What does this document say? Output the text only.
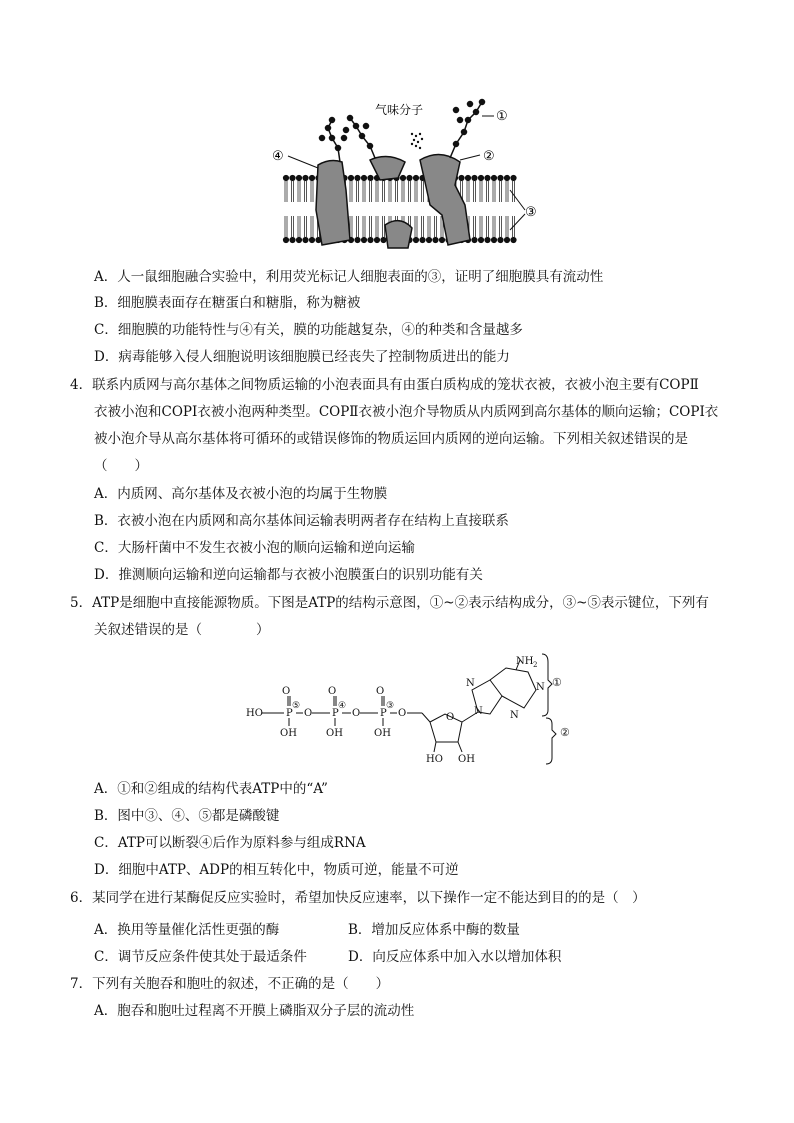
气味分子	①
②
③
④
A．人一鼠细胞融合实验中，利用荧光标记人细胞表面的③，证明了细胞膜具有流动性
B．细胞膜表面存在糖蛋白和糖脂，称为糖被
C．细胞膜的功能特性与④有关，膜的功能越复杂，④的种类和含量越多
D．病毒能够入侵人细胞说明该细胞膜已经丧失了控制物质进出的能力
4．联系内质网与高尔基体之间物质运输的小泡表面具有由蛋白质构成的笼状衣被，衣被小泡主要有COPⅡ
衣被小泡和COPI衣被小泡两种类型。COPⅡ衣被小泡介导物质从内质网到高尔基体的顺向运输；COPI衣
被小泡介导从高尔基体将可循环的或错误修饰的物质运回内质网的逆向运输。下列相关叙述错误的是
（　　）
A．内质网、高尔基体及衣被小泡的均属于生物膜
B．衣被小泡在内质网和高尔基体间运输表明两者存在结构上直接联系
C．大肠杆菌中不发生衣被小泡的顺向运输和逆向运输
D．推测顺向运输和逆向运输都与衣被小泡膜蛋白的识别功能有关
5．ATP是细胞中直接能源物质。下图是ATP的结构示意图，①~②表示结构成分，③~⑤表示键位，下列有
关叙述错误的是（　　　　）
HO
O
P
⑤
OH
O
O
P
④
OH
O
O
P
③
OH
O	O
HO OH
NH 2
N	N
N	N
①
②
A．①和②组成的结构代表ATP中的“A”
B．图中③、④、⑤都是磷酸键
C．ATP可以断裂④后作为原料参与组成RNA
D．细胞中ATP、ADP的相互转化中，物质可逆，能量不可逆
6．某同学在进行某酶促反应实验时，希望加快反应速率，以下操作一定不能达到目的的是（　）
A．换用等量催化活性更强的酶	B．增加反应体系中酶的数量
C．调节反应条件使其处于最适条件	D．向反应体系中加入水以增加体积
7．下列有关胞吞和胞吐的叙述，不正确的是（　　）
A．胞吞和胞吐过程离不开膜上磷脂双分子层的流动性
